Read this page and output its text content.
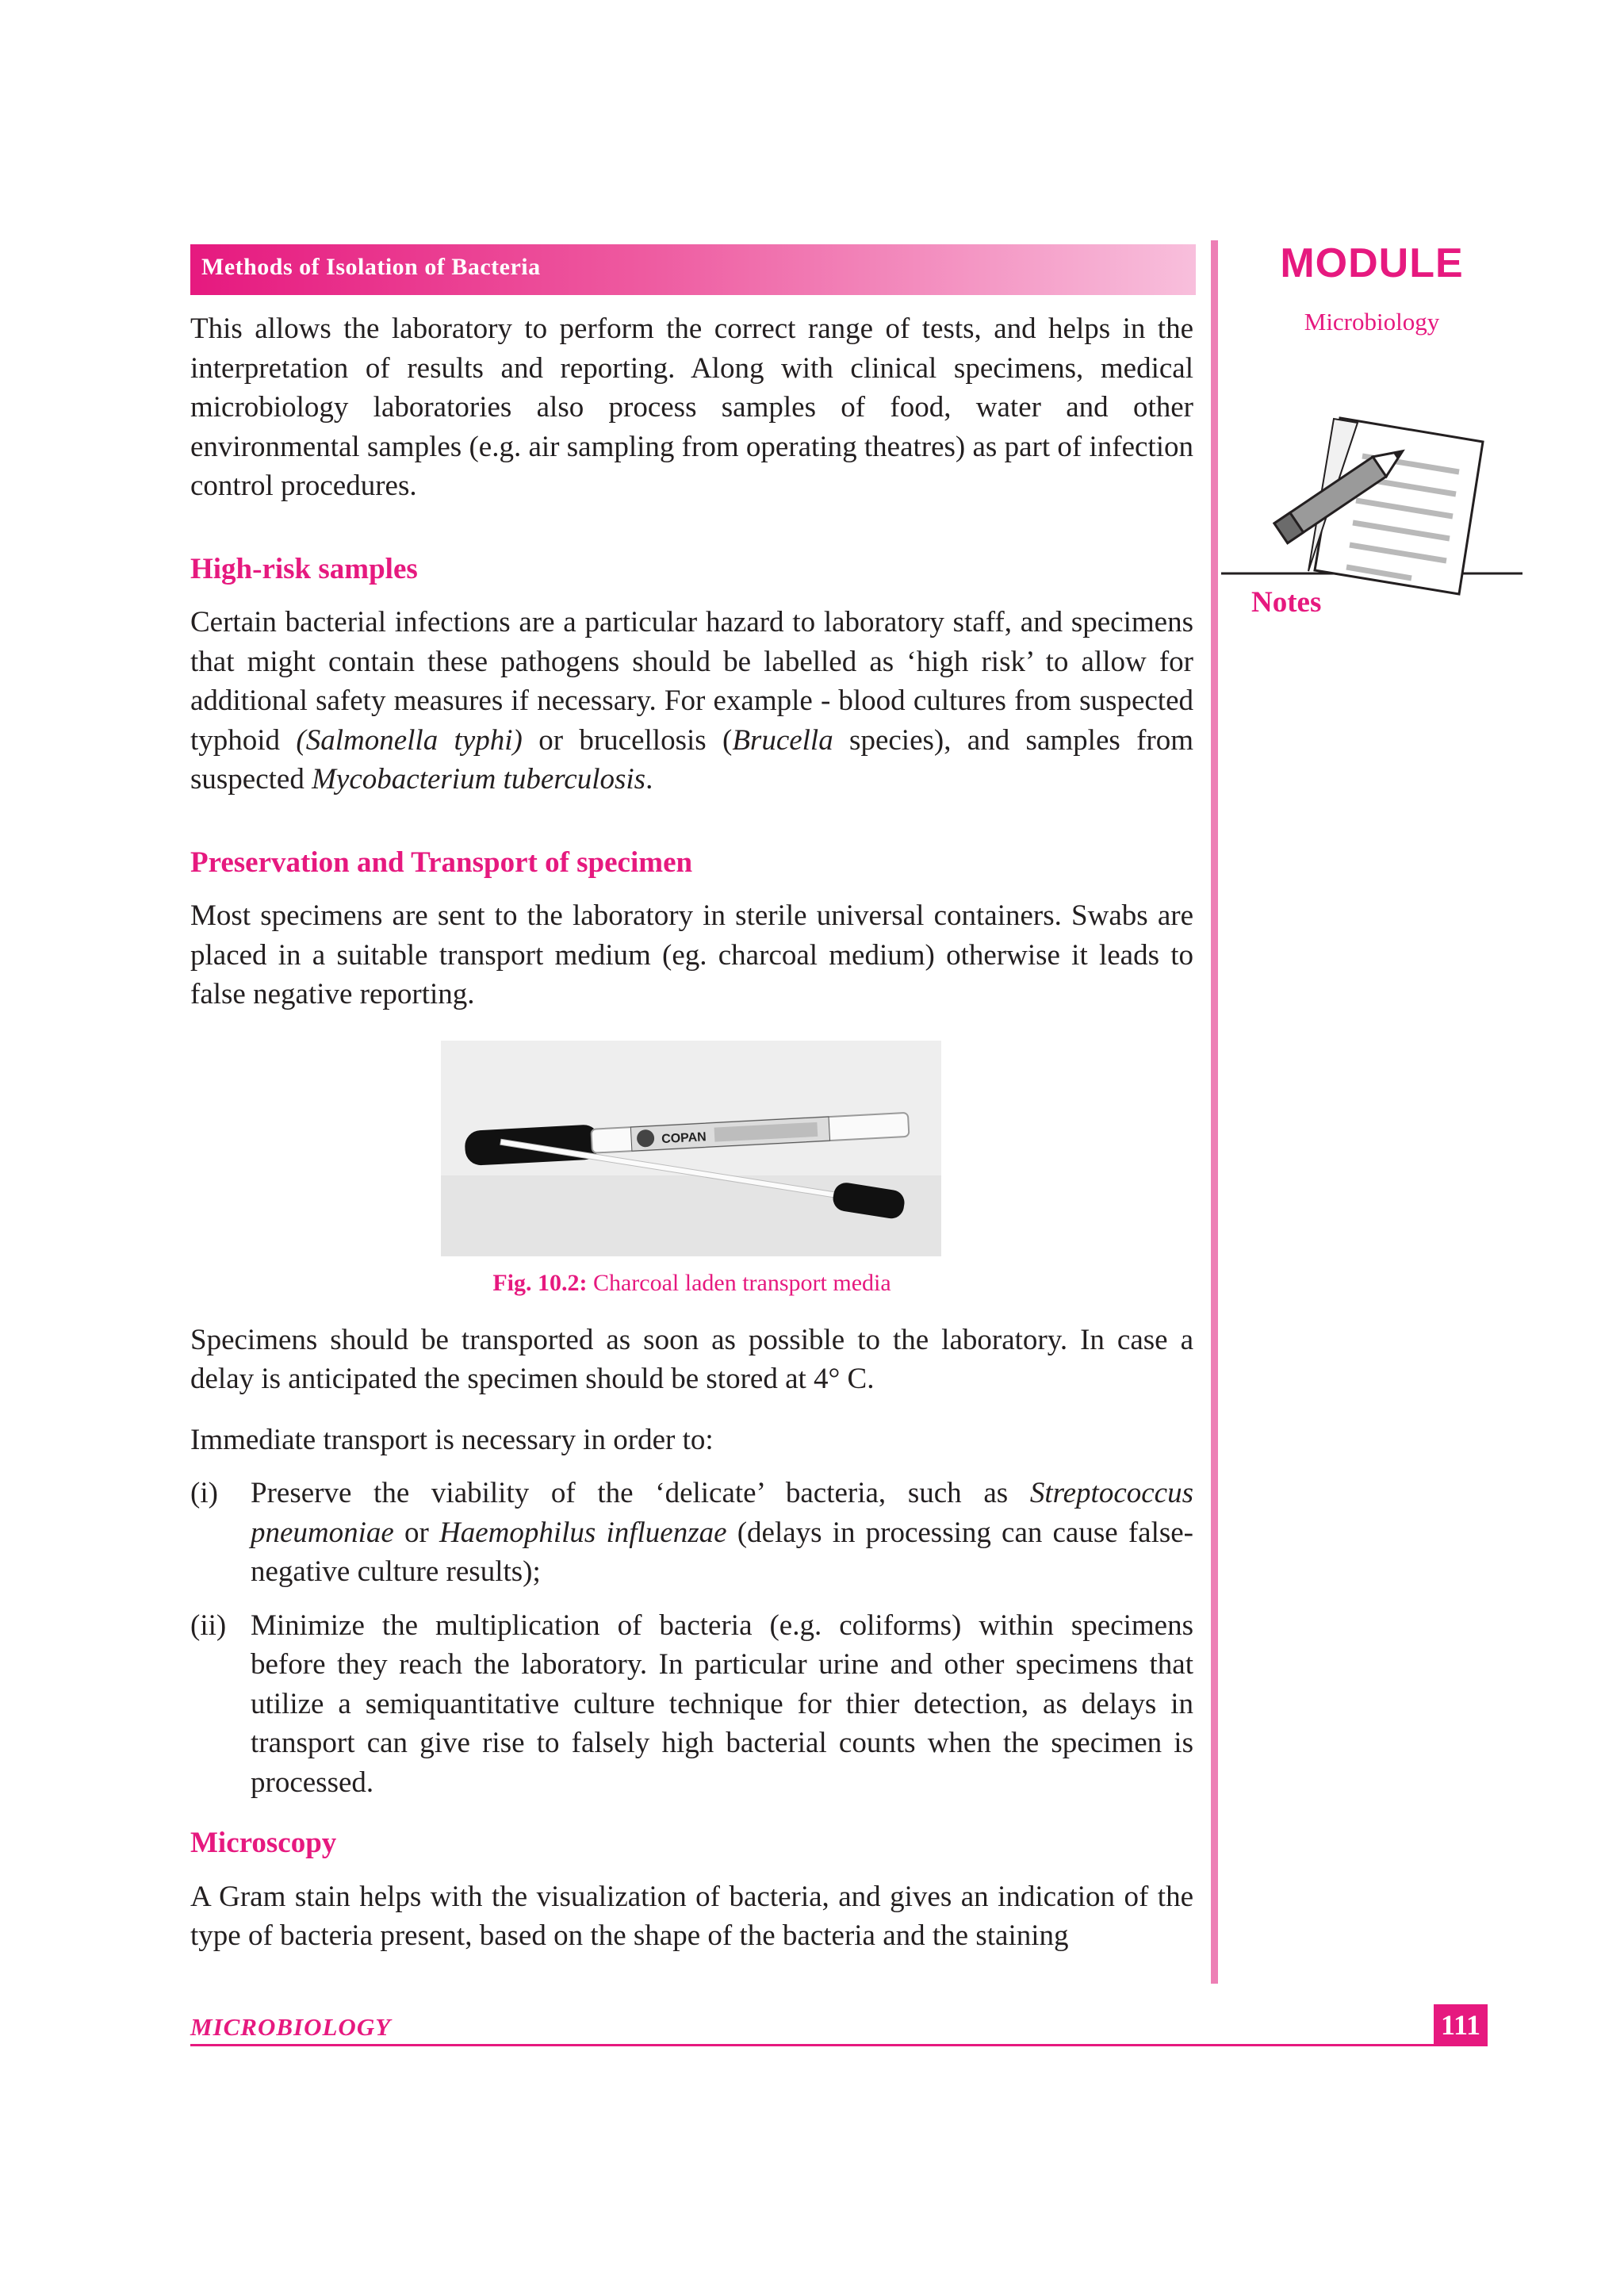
Methods of Isolation of Bacteria	MODULE
Microbiology
Notes

This allows the laboratory to perform the correct range of tests, and helps in the interpretation of results and reporting. Along with clinical specimens, medical microbiology laboratories also process samples of food, water and other environmental samples (e.g. air sampling from operating theatres) as part of infection control procedures.

High-risk samples

Certain bacterial infections are a particular hazard to laboratory staff, and specimens that might contain these pathogens should be labelled as ‘high risk’ to allow for additional safety measures if necessary. For example - blood cultures from suspected typhoid (Salmonella typhi) or brucellosis (Brucella species), and samples from suspected Mycobacterium tuberculosis.

Preservation and Transport of specimen

Most specimens are sent to the laboratory in sterile universal containers. Swabs are placed in a suitable transport medium (eg. charcoal medium) otherwise it leads to false negative reporting.

COPAN
Fig. 10.2: Charcoal laden transport media

Specimens should be transported as soon as possible to the laboratory. In case a delay is anticipated the specimen should be stored at 4° C.

Immediate transport is necessary in order to:

(i)	Preserve the viability of the ‘delicate’ bacteria, such as Streptococcus pneumoniae or Haemophilus influenzae (delays in processing can cause false-negative culture results);
(ii) Minimize the multiplication of bacteria (e.g. coliforms) within specimens before they reach the laboratory. In particular urine and other specimens that utilize a semiquantitative culture technique for thier detection, as delays in transport can give rise to falsely high bacterial counts when the specimen is processed.
Microscopy

A Gram stain helps with the visualization of bacteria, and gives an indication of the type of bacteria present, based on the shape of the bacteria and the staining

MICROBIOLOGY	111
